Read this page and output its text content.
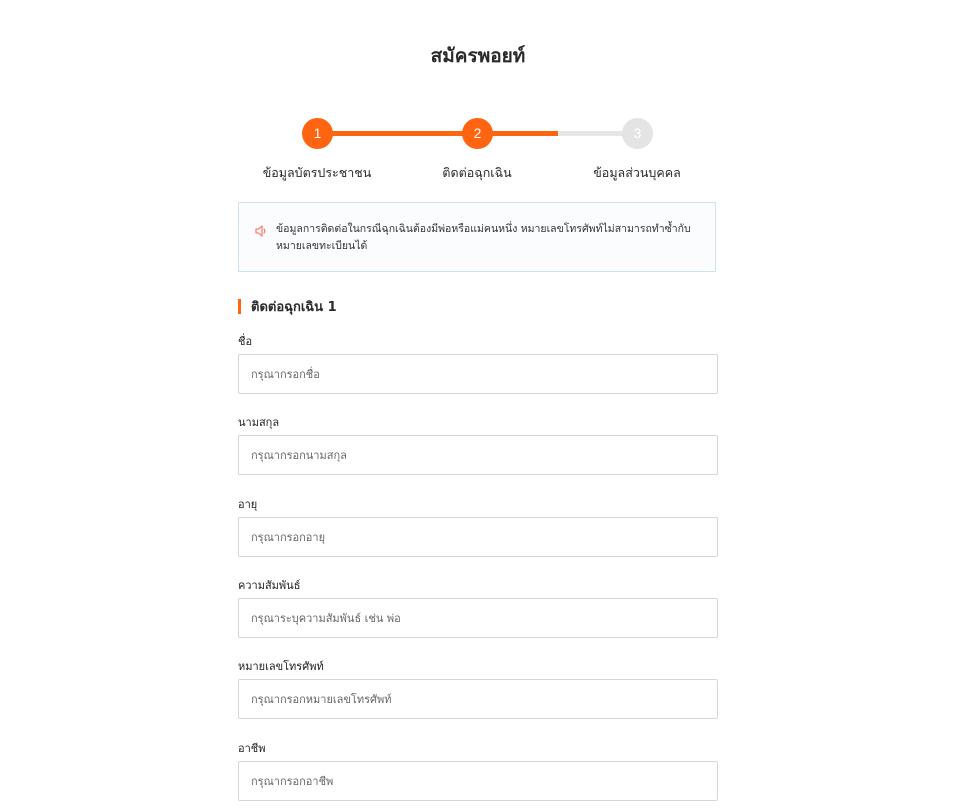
สมัครพอยท์
1	2	3
ข้อมูลบัตรประชาชน	ติดต่อฉุกเฉิน	ข้อมูลส่วนบุคคล
ข้อมูลการติดต่อในกรณีฉุกเฉินต้องมีพ่อหรือแม่คนหนึ่ง หมายเลขโทรศัพท์ไม่สามารถทำซ้ำกับหมายเลขทะเบียนได้
ติดต่อฉุกเฉิน 1
ชื่อ
กรุณากรอกชื่อ
นามสกุล
กรุณากรอกนามสกุล
อายุ
กรุณากรอกอายุ
ความสัมพันธ์
กรุณาระบุความสัมพันธ์ เช่น พ่อ
หมายเลขโทรศัพท์
กรุณากรอกหมายเลขโทรศัพท์
อาชีพ
กรุณากรอกอาชีพ
